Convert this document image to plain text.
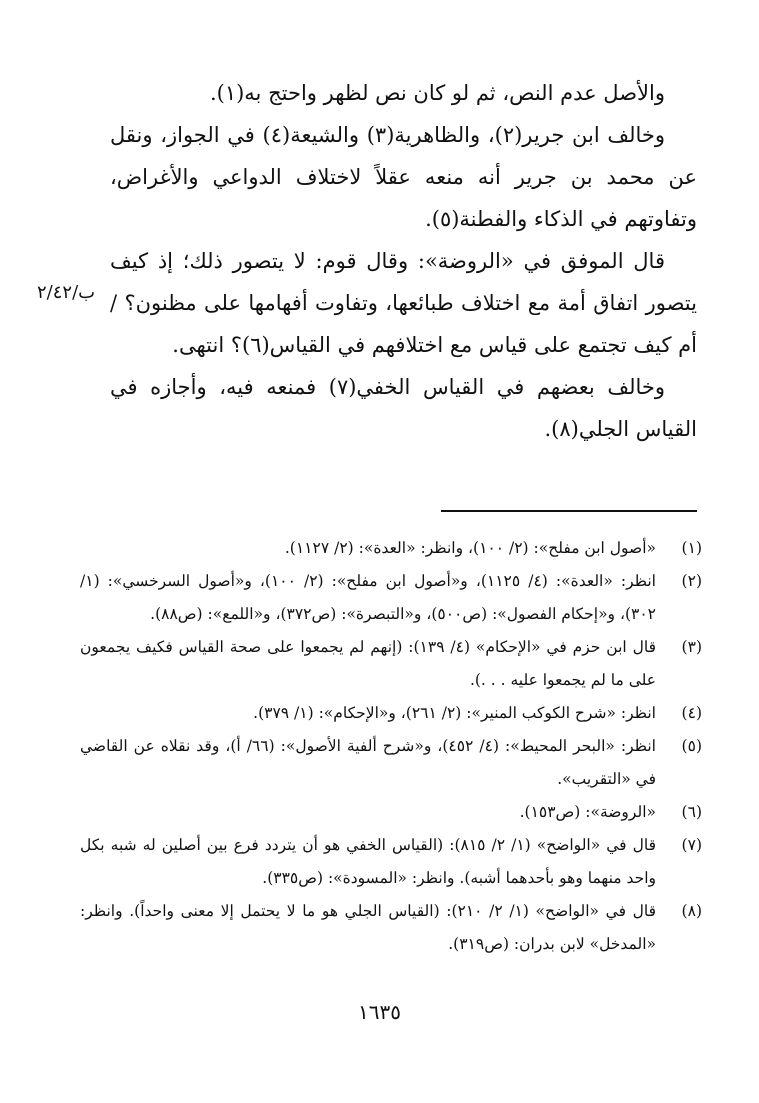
والأصل عدم النص، ثم لو كان نص لظهر واحتج به(١).

وخالف ابن جرير(٢)، والظاهرية(٣) والشيعة(٤) في الجواز، ونقل عن محمد بن جرير أنه منعه عقلاً لاختلاف الدواعي والأغراض، وتفاوتهم في الذكاء والفطنة(٥).

قال الموفق في «الروضة»: وقال قوم: لا يتصور ذلك؛ إذ كيف يتصور اتفاق أمة مع اختلاف طبائعها، وتفاوت أفهامها على مظنون؟ / أم كيف تجتمع على قياس مع اختلافهم في القياس(٦)؟ انتهى.

وخالف بعضهم في القياس الخفي(٧) فمنعه فيه، وأجازه في القياس الجلي(٨).

ب/٢/٤٢
(١)
«أصول ابن مفلح»: (٢/ ١٠٠)، وانظر: «العدة»: (٢/ ١١٢٧).
(٢)
انظر: «العدة»: (٤/ ١١٢٥)، و«أصول ابن مفلح»: (٢/ ١٠٠)، و«أصول السرخسي»: (١/ ٣٠٢)، و«إحكام الفصول»: (ص٥٠٠)، و«التبصرة»: (ص٣٧٢)، و«اللمع»: (ص٨٨).
(٣)
قال ابن حزم في «الإحكام» (٤/ ١٣٩): (إنهم لم يجمعوا على صحة القياس فكيف يجمعون على ما لم يجمعوا عليه . . .).
(٤)
انظر: «شرح الكوكب المنير»: (٢/ ٢٦١)، و«الإحكام»: (١/ ٣٧٩).
(٥)
انظر: «البحر المحيط»: (٤/ ٤٥٢)، و«شرح ألفية الأصول»: (٦٦/ أ)، وقد نقلاه عن القاضي في «التقريب».
(٦)
«الروضة»: (ص١٥٣).
(٧)
قال في «الواضح» (١/ ٢/ ٨١٥): (القياس الخفي هو أن يتردد فرع بين أصلين له شبه بكل واحد منهما وهو بأحدهما أشبه). وانظر: «المسودة»: (ص٣٣٥).
(٨)
قال في «الواضح» (١/ ٢/ ٢١٠): (القياس الجلي هو ما لا يحتمل إلا معنى واحداً). وانظر: «المدخل» لابن بدران: (ص٣١٩).
١٦٣٥
